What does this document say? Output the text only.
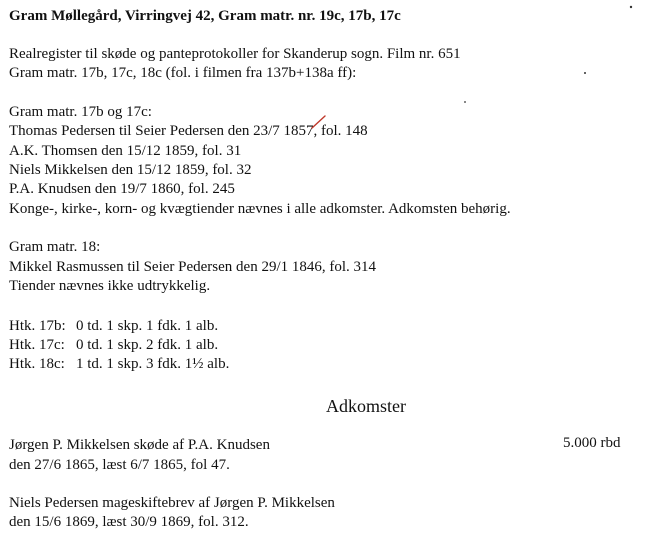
Gram Møllegård, Virringvej 42, Gram matr. nr. 19c, 17b, 17c
Realregister til skøde og panteprotokoller for Skanderup sogn. Film nr. 651
Gram matr. 17b, 17c, 18c (fol. i filmen fra 137b+138a ff):
Gram matr. 17b og 17c:
Thomas Pedersen til Seier Pedersen den 23/7 1857, fol. 148
A.K. Thomsen den 15/12 1859, fol. 31
Niels Mikkelsen den 15/12 1859, fol. 32
P.A. Knudsen den 19/7 1860, fol. 245
Konge-, kirke-, korn- og kvægtiender nævnes i alle adkomster. Adkomsten behørig.
Gram matr. 18:
Mikkel Rasmussen til Seier Pedersen den 29/1 1846, fol. 314
Tiender nævnes ikke udtrykkelig.
Htk. 17b: 0 td. 1 skp. 1 fdk. 1 alb.
Htk. 17c: 0 td. 1 skp. 2 fdk. 1 alb.
Htk. 18c: 1 td. 1 skp. 3 fdk. 1½ alb.
Adkomster
Jørgen P. Mikkelsen skøde af P.A. Knudsen	5.000 rbd
den 27/6 1865, læst 6/7 1865, fol 47.
Niels Pedersen mageskiftebrev af Jørgen P. Mikkelsen
den 15/6 1869, læst 30/9 1869, fol. 312.
